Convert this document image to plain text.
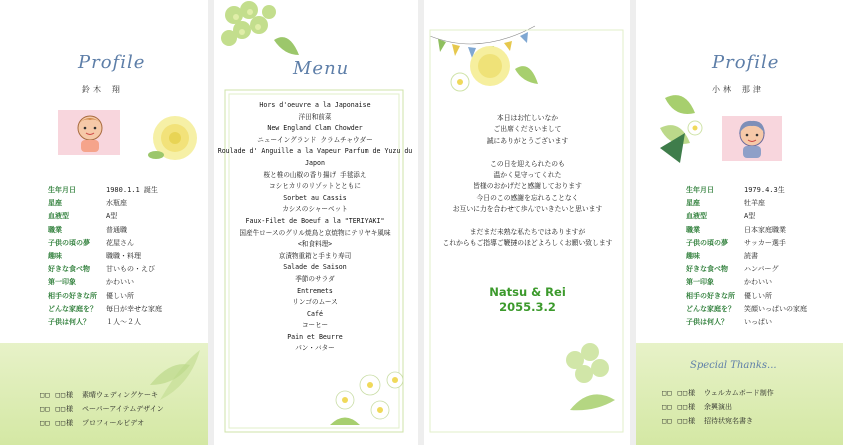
Profile
鈴木 翔
生年月日	1980.1.1 誕生
星座	水瓶座
血液型	A型
職業	普通職
子供の頃の夢	花屋さん
趣味	職職・料理
好きな食べ物	甘いもの・えび
第一印象	かわいい
相手の好きな所	優しい所
どんな家庭を？	毎日が幸せな家庭
子供は何人？	１人～２人
□□ □□様	素晴ウェディングケーキ
□□ □□様	ペーパーアイテムデザイン
□□ □□様	プロフィールビデオ
Menu
Hors d'oeuvre a la Japonaise
洋田和前菜
New England Clam Chowder
ニューイングランド クラムチャウダー
Roulade d' Anguille a la Vapeur Parfum de Yuzu du
Japon
桜と椎の山椒の香り揚げ 手毬添え
コシヒカリのリゾットとともに
Sorbet au Cassis
カシスのシャーベット
Faux-Filet de Boeuf a la "TERIYAKI"
国産牛ロースのグリル焼鳥と京焼物にテリヤキ風味
<和食料理>
京漬物重箱と手まり寿司
Salade de Saison
季節のサラダ
Entremets
リンゴのムース
Café
コーヒー
Pain et Beurre
パン・バター
本日はお忙しいなか
ご出席くださいまして
誠にありがとうございます
この日を迎えられたのも
温かく見守ってくれた
皆様のおかげだと感謝しております
今日のこの感謝を忘れることなく
お互いに力を合わせて歩んでいきたいと思います
まだまだ未熟な私たちではありますが
これからもご指導ご鞭撻のほどよろしくお願い致します
Natsu & Rei
2055.3.2
Profile
小林 那津
生年月日	1979.4.3生
星座	牡羊座
血液型	A型
職業	日本家庭職業
子供の頃の夢	サッカー選手
趣味	読書
好きな食べ物	ハンバーグ
第一印象	かわいい
相手の好きな所	優しい所
どんな家庭を？	笑顔いっぱいの家庭
子供は何人？	いっぱい
Special Thanks...
□□ □□様	ウェルカムボード制作
□□ □□様	余興演出
□□ □□様	招待状宛名書き
